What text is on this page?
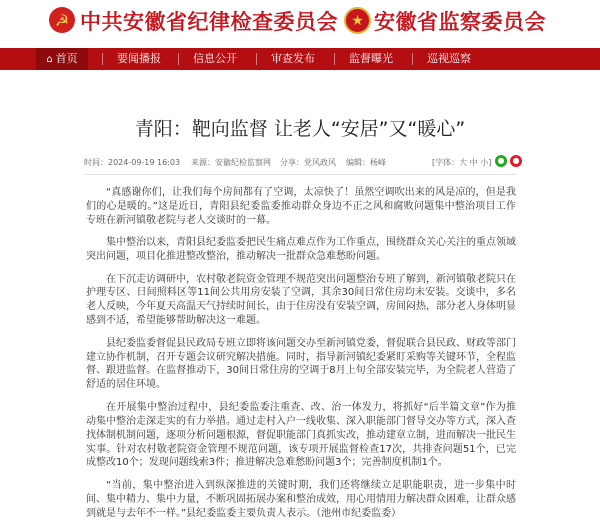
☭ 中共安徽省纪律检查委员会 ★ 安徽省监察委员会
⌂ 首页	要闻播报	信息公开	审查发布	监督曝光	巡视巡察
青阳：靶向监督 让老人“安居”又“暖心”
时间：2024-09-19 16:03 来源：安徽纪检监察网 分享：党风政风 编辑：杨峰	[字体：大 中 小] ●	●

“真感谢你们，让我们每个房间都有了空调，太凉快了！虽然空调吹出来的风是凉的，但是我们的心是暖的。”这是近日，青阳县纪委监委推动群众身边不正之风和腐败问题集中整治项目工作专班在新河镇敬老院与老人交谈时的一幕。

集中整治以来，青阳县纪委监委把民生痛点难点作为工作重点，围绕群众关心关注的重点领域突出问题，项目化推进整改整治，推动解决一批群众急难愁盼问题。

在下沉走访调研中，农村敬老院资金管理不规范突出问题整治专班了解到，新河镇敬老院只在护理专区、日间照料区等11间公共用房安装了空调，其余30间日常住房均未安装。交谈中，多名老人反映，今年夏天高温天气持续时间长，由于住房没有安装空调，房间闷热，部分老人身体明显感到不适，希望能够帮助解决这一难题。

县纪委监委督促县民政局专班立即将该问题交办至新河镇党委，督促联合县民政、财政等部门建立协作机制，召开专题会议研究解决措施。同时，指导新河镇纪委紧盯采购等关键环节，全程监督、跟进监督。在监督推动下，30间日常住房的空调于8月上旬全部安装完毕，为全院老人营造了舒适的居住环境。

在开展集中整治过程中，县纪委监委注重查、改、治一体发力，将抓好“后半篇文章”作为推动集中整治走深走实的有力举措。通过走村入户一线收集、深入职能部门督导交办等方式，深入查找体制机制问题，逐项分析问题根源，督促职能部门真抓实改，推动建章立制，进而解决一批民生实事。针对农村敬老院资金管理不规范问题，该专项开展监督检查17次，共排查问题51个，已完成整改10个；发现问题线索3件；推进解决急难愁盼问题3个；完善制度机制1个。

“当前，集中整治进入到纵深推进的关键时期，我们还将继续立足职能职责，进一步集中时间、集中精力、集中力量，不断巩固拓展办案和整治成效，用心用情用力解决群众困难，让群众感到就是与去年不一样。”县纪委监委主要负责人表示。（池州市纪委监委）
